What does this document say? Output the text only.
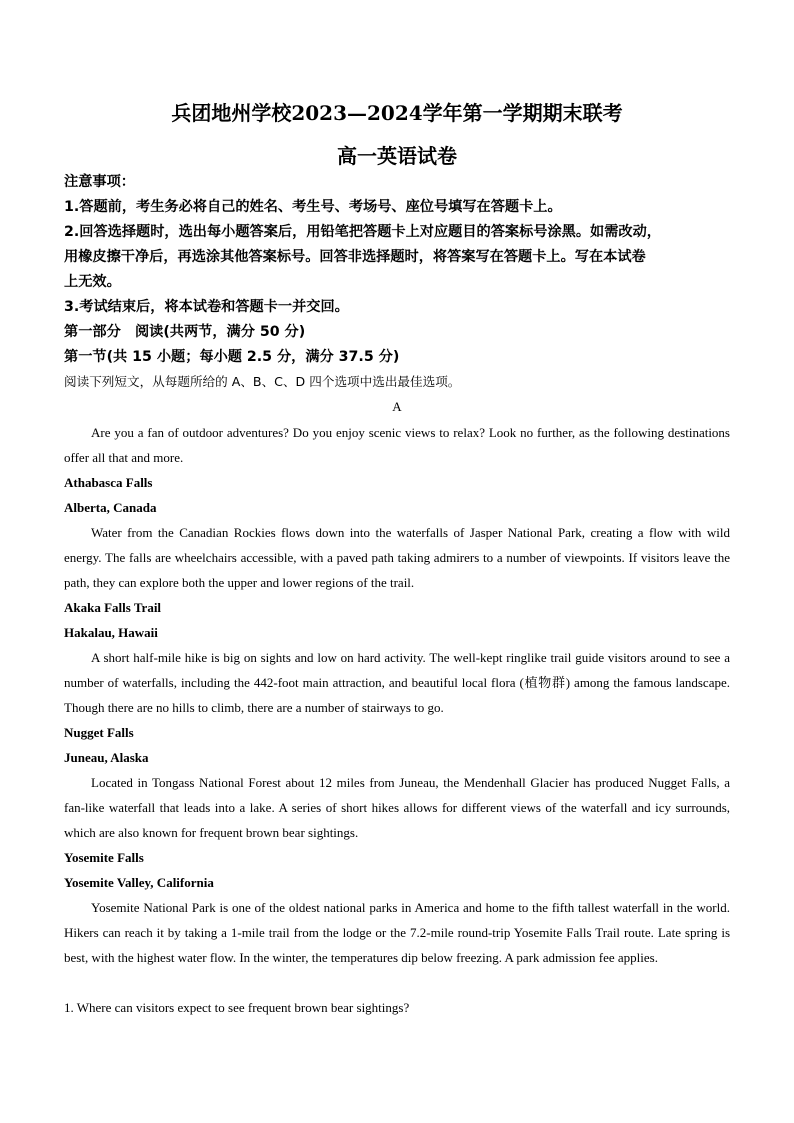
兵团地州学校2023—2024学年第一学期期末联考
高一英语试卷
注意事项：
1.答题前，考生务必将自己的姓名、考生号、考场号、座位号填写在答题卡上。
2.回答选择题时，选出每小题答案后，用铅笔把答题卡上对应题目的答案标号涂黑。如需改动，
用橡皮擦干净后，再选涂其他答案标号。回答非选择题时，将答案写在答题卡上。写在本试卷
上无效。
3.考试结束后，将本试卷和答题卡一并交回。
第一部分　阅读(共两节，满分 50 分)
第一节(共 15 小题；每小题 2.5 分，满分 37.5 分)
阅读下列短文，从每题所给的 A、B、C、D 四个选项中选出最佳选项。
A
Are you a fan of outdoor adventures? Do you enjoy scenic views to relax? Look no further, as the following destinations offer all that and more.
Athabasca Falls
Alberta, Canada
Water from the Canadian Rockies flows down into the waterfalls of Jasper National Park, creating a flow with wild energy. The falls are wheelchairs accessible, with a paved path taking admirers to a number of viewpoints. If visitors leave the path, they can explore both the upper and lower regions of the trail.
Akaka Falls Trail
Hakalau, Hawaii
A short half-mile hike is big on sights and low on hard activity. The well-kept ringlike trail guide visitors around to see a number of waterfalls, including the 442-foot main attraction, and beautiful local flora (植物群) among the famous landscape. Though there are no hills to climb, there are a number of stairways to go.
Nugget Falls
Juneau, Alaska
Located in Tongass National Forest about 12 miles from Juneau, the Mendenhall Glacier has produced Nugget Falls, a fan-like waterfall that leads into a lake. A series of short hikes allows for different views of the waterfall and icy surrounds, which are also known for frequent brown bear sightings.
Yosemite Falls
Yosemite Valley, California
Yosemite National Park is one of the oldest national parks in America and home to the fifth tallest waterfall in the world. Hikers can reach it by taking a 1-mile trail from the lodge or the 7.2-mile round-trip Yosemite Falls Trail route. Late spring is best, with the highest water flow. In the winter, the temperatures dip below freezing. A park admission fee applies.
1. Where can visitors expect to see frequent brown bear sightings?
